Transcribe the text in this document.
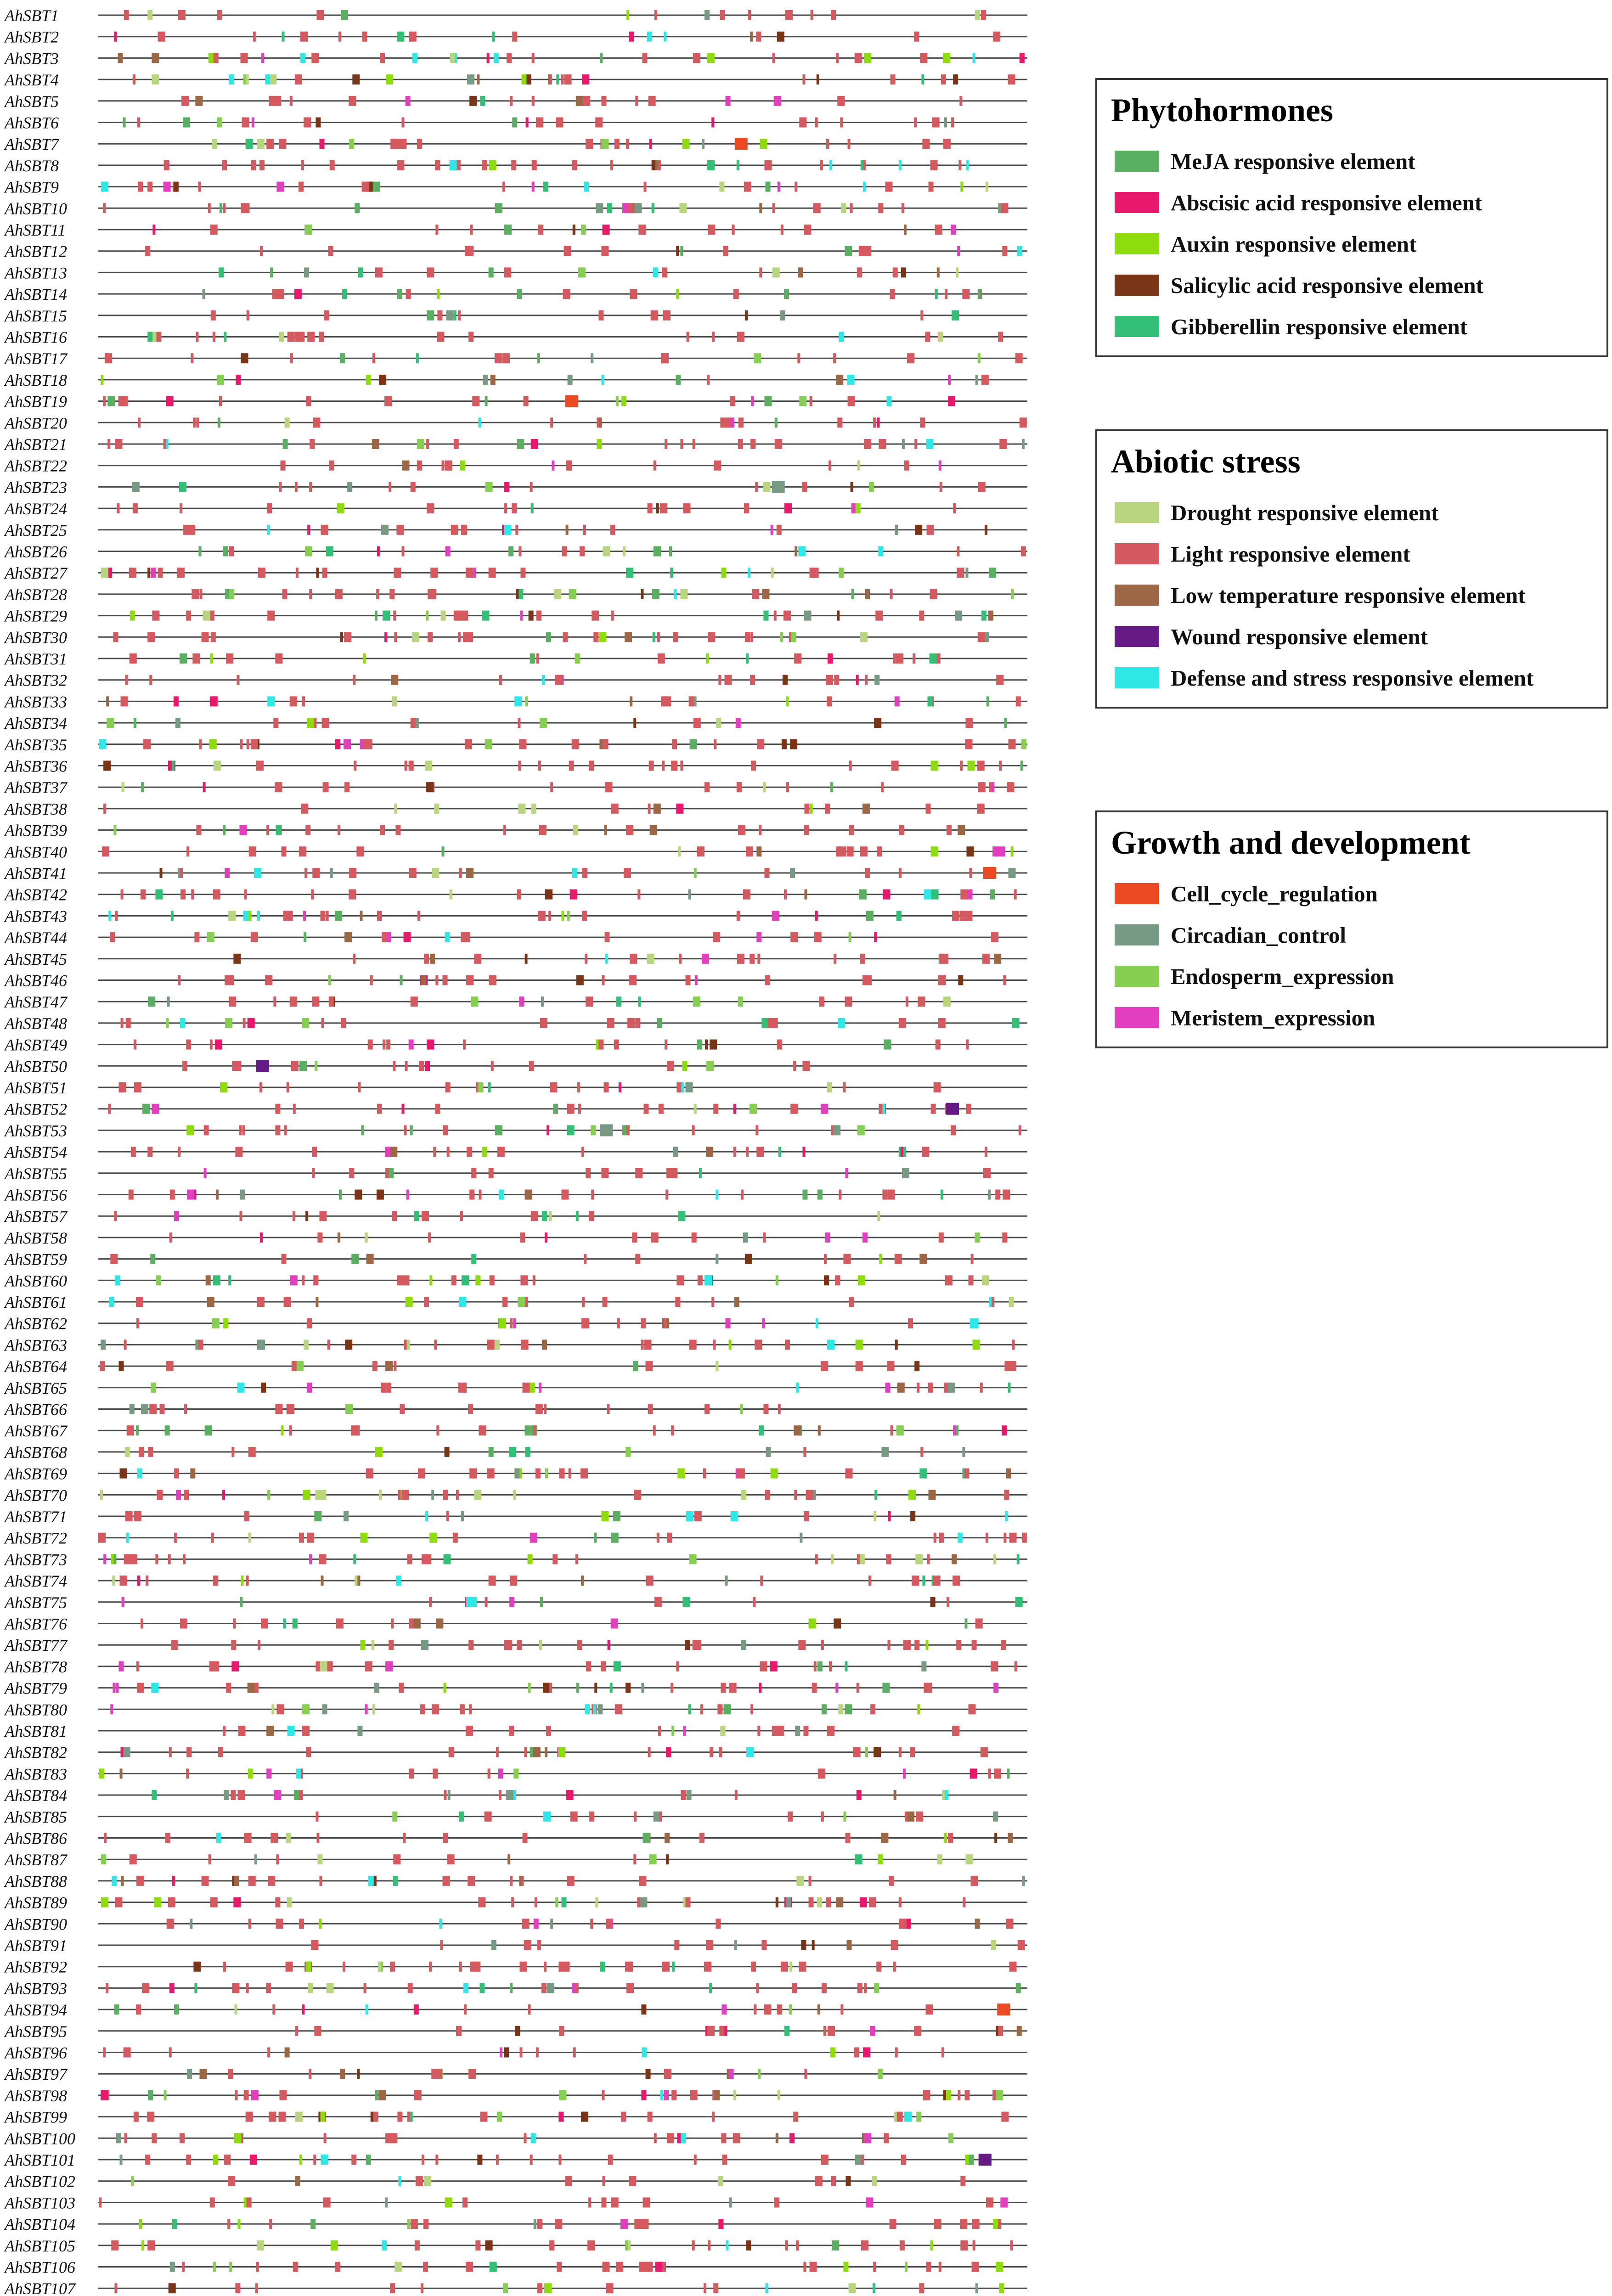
AhSBT1
AhSBT2
AhSBT3
AhSBT4
AhSBT5
AhSBT6
AhSBT7
AhSBT8
AhSBT9
AhSBT10
AhSBT11
AhSBT12
AhSBT13
AhSBT14
AhSBT15
AhSBT16
AhSBT17
AhSBT18
AhSBT19
AhSBT20
AhSBT21
AhSBT22
AhSBT23
AhSBT24
AhSBT25
AhSBT26
AhSBT27
AhSBT28
AhSBT29
AhSBT30
AhSBT31
AhSBT32
AhSBT33
AhSBT34
AhSBT35
AhSBT36
AhSBT37
AhSBT38
AhSBT39
AhSBT40
AhSBT41
AhSBT42
AhSBT43
AhSBT44
AhSBT45
AhSBT46
AhSBT47
AhSBT48
AhSBT49
AhSBT50
AhSBT51
AhSBT52
AhSBT53
AhSBT54
AhSBT55
AhSBT56
AhSBT57
AhSBT58
AhSBT59
AhSBT60
AhSBT61
AhSBT62
AhSBT63
AhSBT64
AhSBT65
AhSBT66
AhSBT67
AhSBT68
AhSBT69
AhSBT70
AhSBT71
AhSBT72
AhSBT73
AhSBT74
AhSBT75
AhSBT76
AhSBT77
AhSBT78
AhSBT79
AhSBT80
AhSBT81
AhSBT82
AhSBT83
AhSBT84
AhSBT85
AhSBT86
AhSBT87
AhSBT88
AhSBT89
AhSBT90
AhSBT91
AhSBT92
AhSBT93
AhSBT94
AhSBT95
AhSBT96
AhSBT97
AhSBT98
AhSBT99
AhSBT100
AhSBT101
AhSBT102
AhSBT103
AhSBT104
AhSBT105
AhSBT106
AhSBT107
Phytohormones
MeJA responsive element
Abscisic acid responsive element
Auxin responsive element
Salicylic acid responsive element
Gibberellin responsive element
Abiotic stress
Drought responsive element
Light responsive element
Low temperature responsive element
Wound responsive element
Defense and stress responsive element
Growth and development
Cell_cycle_regulation
Circadian_control
Endosperm_expression
Meristem_expression
